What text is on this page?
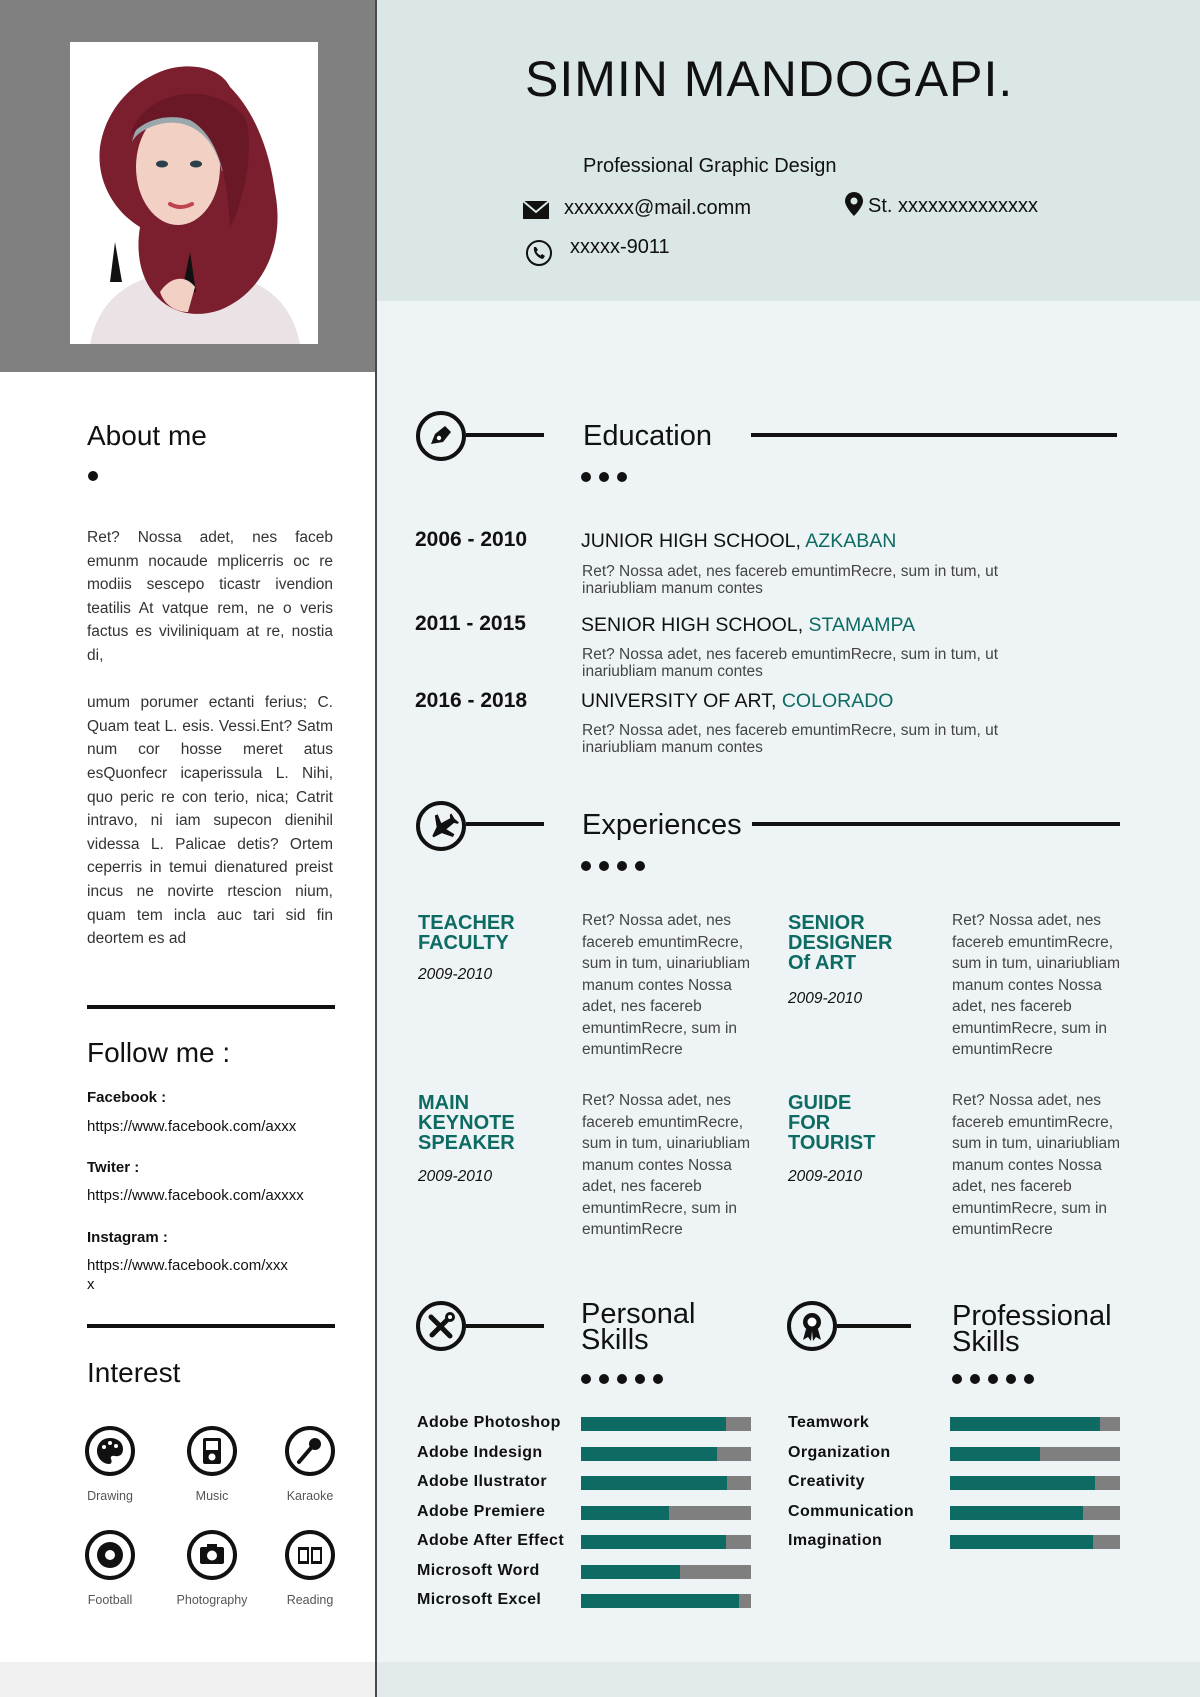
SIMIN MANDOGAPI.
Professional Graphic Design
xxxxxxx@mail.comm	St. xxxxxxxxxxxxxx
xxxxx-9011
About me

Ret? Nossa adet, nes faceb emunm nocaude mplicerris oc re modiis sescepo ticastr ivendion teatilis At vatque rem, ne o veris factus es viviliniquam at re, nostia di,

umum porumer ectanti ferius; C. Quam teat L. esis. Vessi.Ent? Satm num cor hosse meret atus esQuonfecr icaperissula L. Nihi, quo peric re con terio, nica; Catrit intravo, ni iam supecon dienihil videssa L. Palicae detis? Ortem ceperris in temui dienatured preist incus ne novirte rtescion nium, quam tem incla auc tari sid fin deortem es ad

Follow me :
Facebook :
https://www.facebook.com/axxx
Twiter :
https://www.facebook.com/axxxx
Instagram :
https://www.facebook.com/xxxx
Interest
Drawing	Music	Karaoke
Football	Photography	Reading
Education
2006 - 2010	JUNIOR HIGH SCHOOL, AZKABAN
Ret? Nossa adet, nes facereb emuntimRecre, sum in tum, ut inariubliam manum contes
2011 - 2015	SENIOR HIGH SCHOOL, STAMAMPA
Ret? Nossa adet, nes facereb emuntimRecre, sum in tum, ut inariubliam manum contes
2016 - 2018	UNIVERSITY OF ART, COLORADO
Ret? Nossa adet, nes facereb emuntimRecre, sum in tum, ut inariubliam manum contes
Experiences
TEACHER FACULTY
2009-2010
Ret? Nossa adet, nes facereb emuntimRecre, sum in tum, uinariubliam manum contes Nossa adet, nes facereb emuntimRecre, sum in emuntimRecre
SENIOR DESIGNER Of ART
2009-2010
Ret? Nossa adet, nes facereb emuntimRecre, sum in tum, uinariubliam manum contes Nossa adet, nes facereb emuntimRecre, sum in emuntimRecre
MAIN KEYNOTE SPEAKER
2009-2010
Ret? Nossa adet, nes facereb emuntimRecre, sum in tum, uinariubliam manum contes Nossa adet, nes facereb emuntimRecre, sum in emuntimRecre
GUIDE FOR TOURIST
2009-2010
Ret? Nossa adet, nes facereb emuntimRecre, sum in tum, uinariubliam manum contes Nossa adet, nes facereb emuntimRecre, sum in emuntimRecre
Personal
Skills
Adobe Photoshop
Adobe Indesign
Adobe Ilustrator
Adobe Premiere
Adobe After Effect
Microsoft Word
Microsoft Excel
Professional
Skills
Teamwork
Organization
Creativity
Communication
Imagination
